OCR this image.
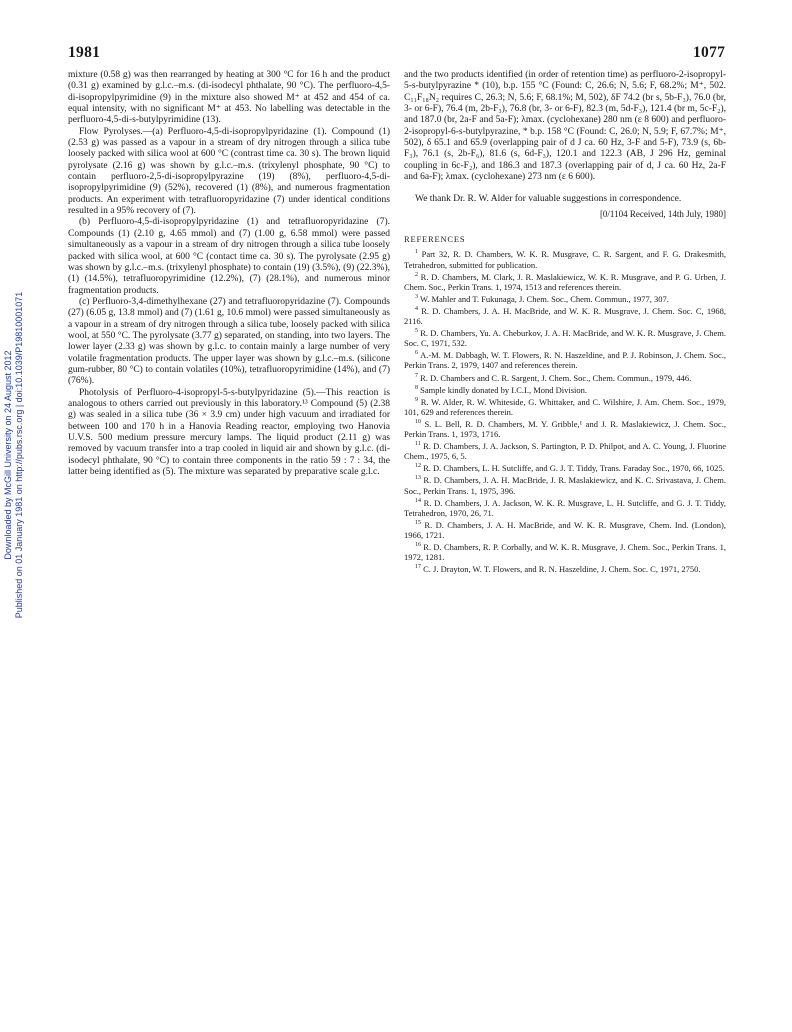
Downloaded by McGill University on 24 August 2012 Published on 01 January 1981 on http://pubs.rsc.org | doi:10.1039/P19810001071
1981	1077

mixture (0.58 g) was then rearranged by heating at 300 °C for 16 h and the product (0.31 g) examined by g.l.c.–m.s. (di-isodecyl phthalate, 90 °C). The perfluoro-4,5-di-isopropylpyrimidine (9) in the mixture also showed M⁺ at 452 and 454 of ca. equal intensity, with no significant M⁺ at 453. No labelling was detectable in the perfluoro-4,5-di-s-butylpyrimidine (13).

Flow Pyrolyses.—(a) Perfluoro-4,5-di-isopropylpyridazine (1). Compound (1) (2.53 g) was passed as a vapour in a stream of dry nitrogen through a silica tube loosely packed with silica wool at 600 °C (contrast time ca. 30 s). The brown liquid pyrolysate (2.16 g) was shown by g.l.c.–m.s. (trixylenyl phosphate, 90 °C) to contain perfluoro-2,5-di-isopropylpyrazine (19) (8%), perfluoro-4,5-di-isopropylpyrimidine (9) (52%), recovered (1) (8%), and numerous fragmentation products. An experiment with tetrafluoropyridazine (7) under identical conditions resulted in a 95% recovery of (7).

(b) Perfluoro-4,5-di-isopropylpyridazine (1) and tetrafluoropyridazine (7). Compounds (1) (2.10 g, 4.65 mmol) and (7) (1.00 g, 6.58 mmol) were passed simultaneously as a vapour in a stream of dry nitrogen through a silica tube loosely packed with silica wool, at 600 °C (contact time ca. 30 s). The pyrolysate (2.95 g) was shown by g.l.c.–m.s. (trixylenyl phosphate) to contain (19) (3.5%), (9) (22.3%), (1) (14.5%), tetrafluoropyrimidine (12.2%), (7) (28.1%), and numerous minor fragmentation products.

(c) Perfluoro-3,4-dimethylhexane (27) and tetrafluoropyridazine (7). Compounds (27) (6.05 g, 13.8 mmol) and (7) (1.61 g, 10.6 mmol) were passed simultaneously as a vapour in a stream of dry nitrogen through a silica tube, loosely packed with silica wool, at 550 °C. The pyrolysate (3.77 g) separated, on standing, into two layers. The lower layer (2.33 g) was shown by g.l.c. to contain mainly a large number of very volatile fragmentation products. The upper layer was shown by g.l.c.–m.s. (silicone gum-rubber, 80 °C) to contain volatiles (10%), tetrafluoropyrimidine (14%), and (7) (76%).

Photolysis of Perfluoro-4-isopropyl-5-s-butylpyridazine (5).—This reaction is analogous to others carried out previously in this laboratory.¹³ Compound (5) (2.38 g) was sealed in a silica tube (36 × 3.9 cm) under high vacuum and irradiated for between 100 and 170 h in a Hanovia Reading reactor, employing two Hanovia U.V.S. 500 medium pressure mercury lamps. The liquid product (2.11 g) was removed by vacuum transfer into a trap cooled in liquid air and shown by g.l.c. (di-isodecyl phthalate, 90 °C) to contain three components in the ratio 59 : 7 : 34, the latter being identified as (5). The mixture was separated by preparative scale g.l.c.

and the two products identified (in order of retention time) as perfluoro-2-isopropyl-5-s-butylpyrazine * (10), b.p. 155 °C (Found: C, 26.6; N, 5.6; F, 68.2%; M⁺, 502. C₁₁F₁₈N₂ requires C, 26.3; N, 5.6; F, 68.1%; M, 502), δF 74.2 (br s, 5b-F₃), 76.0 (br, 3- or 6-F), 76.4 (m, 2b-F₃), 76.8 (br, 3- or 6-F), 82.3 (m, 5d-F₃), 121.4 (br m, 5c-F₂), and 187.0 (br, 2a-F and 5a-F); λmax. (cyclohexane) 280 nm (ε 8 600) and perfluoro-2-isopropyl-6-s-butylpyrazine, * b.p. 158 °C (Found: C, 26.0; N, 5.9; F, 67.7%; M⁺, 502), δ 65.1 and 65.9 (overlapping pair of d J ca. 60 Hz, 3-F and 5-F), 73.9 (s, 6b-F₃), 76.1 (s, 2b-F₆), 81.6 (s, 6d-F₃), 120.1 and 122.3 (AB, J 296 Hz, geminal coupling in 6c-F₂), and 186.3 and 187.3 (overlapping pair of d, J ca. 60 Hz, 2a-F and 6a-F); λmax. (cyclohexane) 273 nm (ε 6 600).

We thank Dr. R. W. Alder for valuable suggestions in correspondence.

[0/1104 Received, 14th July, 1980]
REFERENCES

$^1$ Part 32, R. D. Chambers, W. K. R. Musgrave, C. R. Sargent, and F. G. Drakesmith, Tetrahedron, submitted for publication.

$^2$ R. D. Chambers, M. Clark, J. R. Maslakiewicz, W. K. R. Musgrave, and P. G. Urben, J. Chem. Soc., Perkin Trans. 1, 1974, 1513 and references therein.

$^3$ W. Mahler and T. Fukunaga, J. Chem. Soc., Chem. Commun., 1977, 307.

$^4$ R. D. Chambers, J. A. H. MacBride, and W. K. R. Musgrave, J. Chem. Soc. C, 1968, 2116.

$^5$ R. D. Chambers, Yu. A. Cheburkov, J. A. H. MacBride, and W. K. R. Musgrave, J. Chem. Soc. C, 1971, 532.

$^6$ A.-M. M. Dabbagh, W. T. Flowers, R. N. Haszeldine, and P. J. Robinson, J. Chem. Soc., Perkin Trans. 2, 1979, 1407 and references therein.

$^7$ R. D. Chambers and C. R. Sargent, J. Chem. Soc., Chem. Commun., 1979, 446.

$^8$ Sample kindly donated by I.C.I., Mond Division.

$^9$ R. W. Alder, R. W. Whiteside, G. Whittaker, and C. Wilshire, J. Am. Chem. Soc., 1979, 101, 629 and references therein.

$^{10}$ S. L. Bell, R. D. Chambers, M. Y. Gribble,¹ and J. R. Maslakiewicz, J. Chem. Soc., Perkin Trans. 1, 1973, 1716.

$^{11}$ R. D. Chambers, J. A. Jackson, S. Partington, P. D. Philpot, and A. C. Young, J. Fluorine Chem., 1975, 6, 5.

$^{12}$ R. D. Chambers, L. H. Sutcliffe, and G. J. T. Tiddy, Trans. Faraday Soc., 1970, 66, 1025.

$^{13}$ R. D. Chambers, J. A. H. MacBride, J. R. Maslakiewicz, and K. C. Srivastava, J. Chem. Soc., Perkin Trans. 1, 1975, 396.

$^{14}$ R. D. Chambers, J. A. Jackson, W. K. R. Musgrave, L. H. Sutcliffe, and G. J. T. Tiddy, Tetrahedron, 1970, 26, 71.

$^{15}$ R. D. Chambers, J. A. H. MacBride, and W. K. R. Musgrave, Chem. Ind. (London), 1966, 1721.

$^{16}$ R. D. Chambers, R. P. Corbally, and W. K. R. Musgrave, J. Chem. Soc., Perkin Trans. 1, 1972, 1281.

$^{17}$ C. J. Drayton, W. T. Flowers, and R. N. Haszeldine, J. Chem. Soc. C, 1971, 2750.
